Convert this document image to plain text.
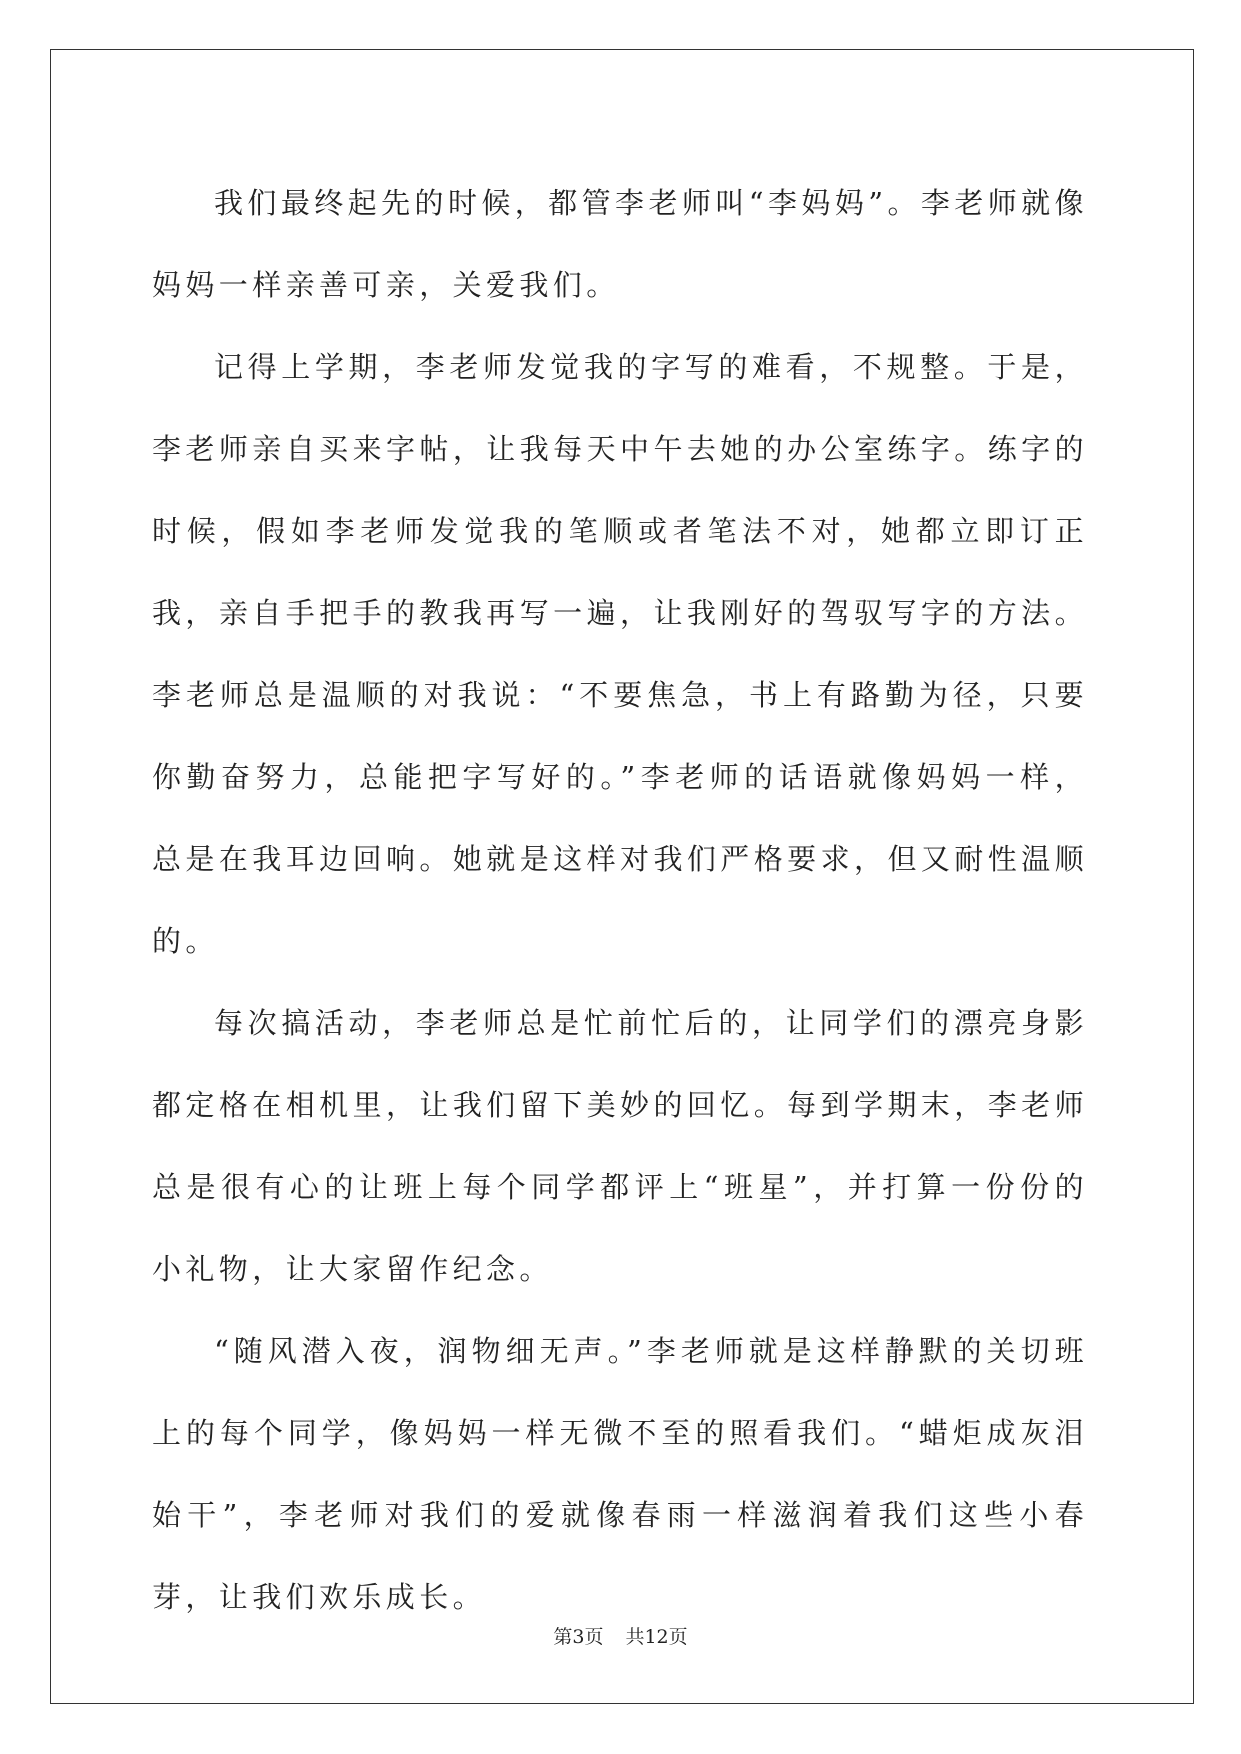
我们最终起先的时候，都管李老师叫“李妈妈”。李老师就像妈妈一样亲善可亲，关爱我们。

记得上学期，李老师发觉我的字写的难看，不规整。于是，李老师亲自买来字帖，让我每天中午去她的办公室练字。练字的时候，假如李老师发觉我的笔顺或者笔法不对，她都立即订正我，亲自手把手的教我再写一遍，让我刚好的驾驭写字的方法。李老师总是温顺的对我说：“不要焦急，书上有路勤为径，只要你勤奋努力，总能把字写好的。”李老师的话语就像妈妈一样，总是在我耳边回响。她就是这样对我们严格要求，但又耐性温顺的。

每次搞活动，李老师总是忙前忙后的，让同学们的漂亮身影都定格在相机里，让我们留下美妙的回忆。每到学期末，李老师总是很有心的让班上每个同学都评上“班星”，并打算一份份的小礼物，让大家留作纪念。

“随风潜入夜，润物细无声。”李老师就是这样静默的关切班上的每个同学，像妈妈一样无微不至的照看我们。“蜡炬成灰泪始干”，李老师对我们的爱就像春雨一样滋润着我们这些小春芽，让我们欢乐成长。

第3页 共12页
